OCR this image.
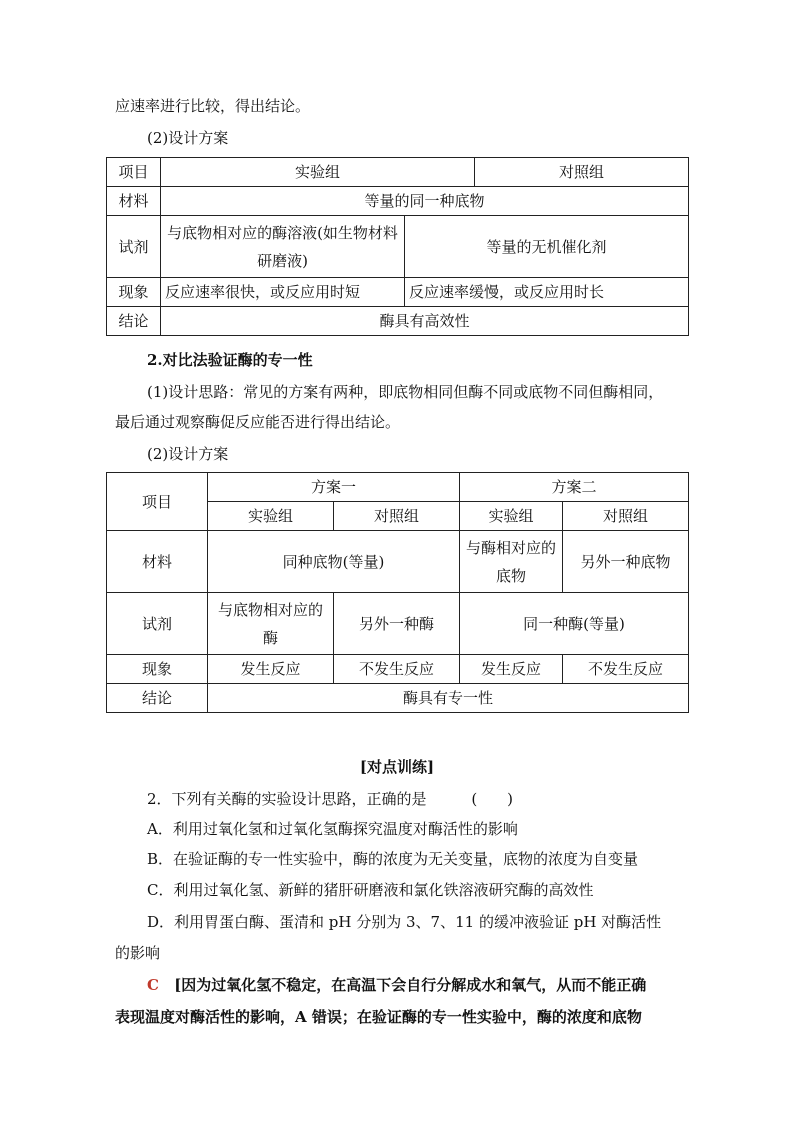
应速率进行比较，得出结论。
(2)设计方案
项目	实验组		对照组
材料	等量的同一种底物		
试剂	与底物相对应的酶溶液(如生物材料研磨液)	等量的无机催化剂	
现象	反应速率很快，或反应用时短	反应速率缓慢，或反应用时长	
结论	酶具有高效性		
2.对比法验证酶的专一性
(1)设计思路：常见的方案有两种，即底物相同但酶不同或底物不同但酶相同，
最后通过观察酶促反应能否进行得出结论。
(2)设计方案
项目	方案一		方案二	
	实验组	对照组	实验组	对照组
材料	同种底物(等量)		与酶相对应的底物	另外一种底物
试剂	与底物相对应的酶	另外一种酶	同一种酶(等量)	
现象	发生反应	不发生反应	发生反应	不发生反应
结论	酶具有专一性			
[对点训练]
2．下列有关酶的实验设计思路，正确的是	(　　)
A．利用过氧化氢和过氧化氢酶探究温度对酶活性的影响
B．在验证酶的专一性实验中，酶的浓度为无关变量，底物的浓度为自变量
C．利用过氧化氢、新鲜的猪肝研磨液和氯化铁溶液研究酶的高效性
D．利用胃蛋白酶、蛋清和 pH 分别为 3、7、11 的缓冲液验证 pH 对酶活性
的影响
C [因为过氧化氢不稳定，在高温下会自行分解成水和氧气，从而不能正确
表现温度对酶活性的影响，A 错误；在验证酶的专一性实验中，酶的浓度和底物
